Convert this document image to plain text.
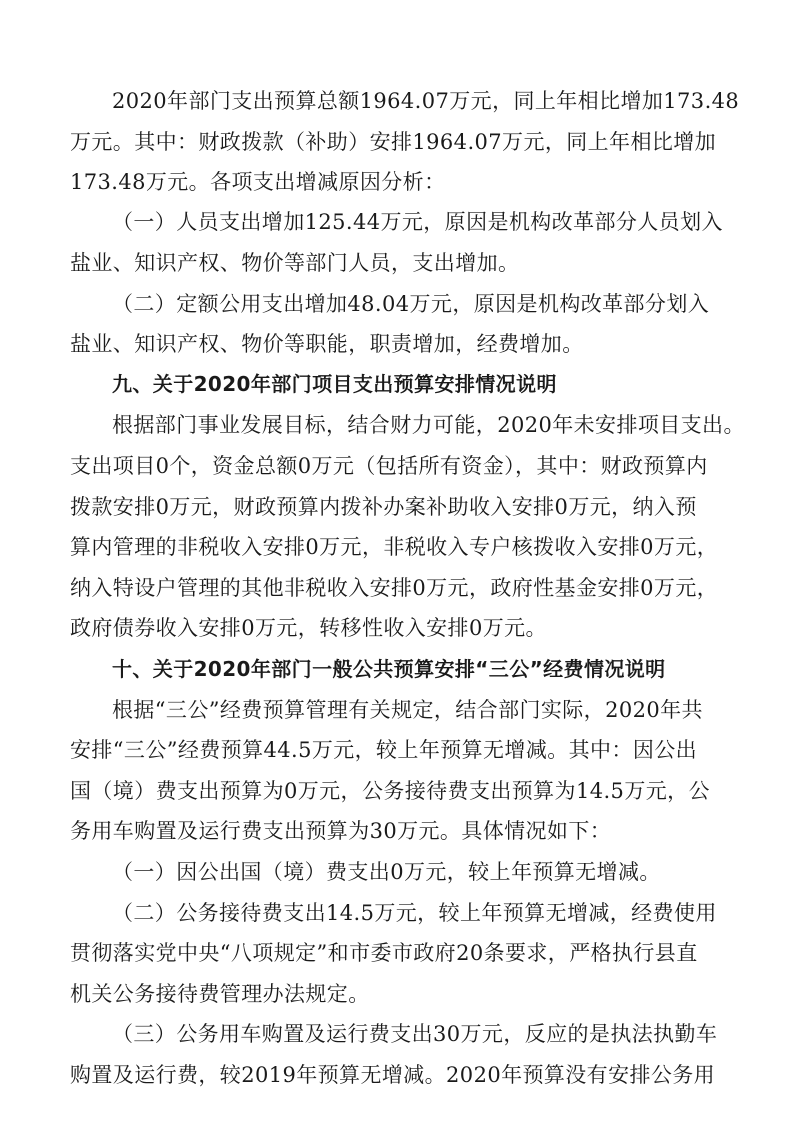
2020年部门支出预算总额1964.07万元，同上年相比增加173.48
万元。其中：财政拨款（补助）安排1964.07万元，同上年相比增加
173.48万元。各项支出增减原因分析：
（一）人员支出增加125.44万元，原因是机构改革部分人员划入
盐业、知识产权、物价等部门人员，支出增加。
（二）定额公用支出增加48.04万元，原因是机构改革部分划入
盐业、知识产权、物价等职能，职责增加，经费增加。
九、关于2020年部门项目支出预算安排情况说明
根据部门事业发展目标，结合财力可能，2020年未安排项目支出。
支出项目0个，资金总额0万元（包括所有资金），其中：财政预算内
拨款安排0万元，财政预算内拨补办案补助收入安排0万元，纳入预
算内管理的非税收入安排0万元，非税收入专户核拨收入安排0万元，
纳入特设户管理的其他非税收入安排0万元，政府性基金安排0万元，
政府债券收入安排0万元，转移性收入安排0万元。
十、关于2020年部门一般公共预算安排“三公”经费情况说明
根据“三公”经费预算管理有关规定，结合部门实际，2020年共
安排“三公”经费预算44.5万元，较上年预算无增减。其中：因公出
国（境）费支出预算为0万元，公务接待费支出预算为14.5万元，公
务用车购置及运行费支出预算为30万元。具体情况如下：
（一）因公出国（境）费支出0万元，较上年预算无增减。
（二）公务接待费支出14.5万元，较上年预算无增减，经费使用
贯彻落实党中央“八项规定”和市委市政府20条要求，严格执行县直
机关公务接待费管理办法规定。
（三）公务用车购置及运行费支出30万元，反应的是执法执勤车
购置及运行费，较2019年预算无增减。2020年预算没有安排公务用
